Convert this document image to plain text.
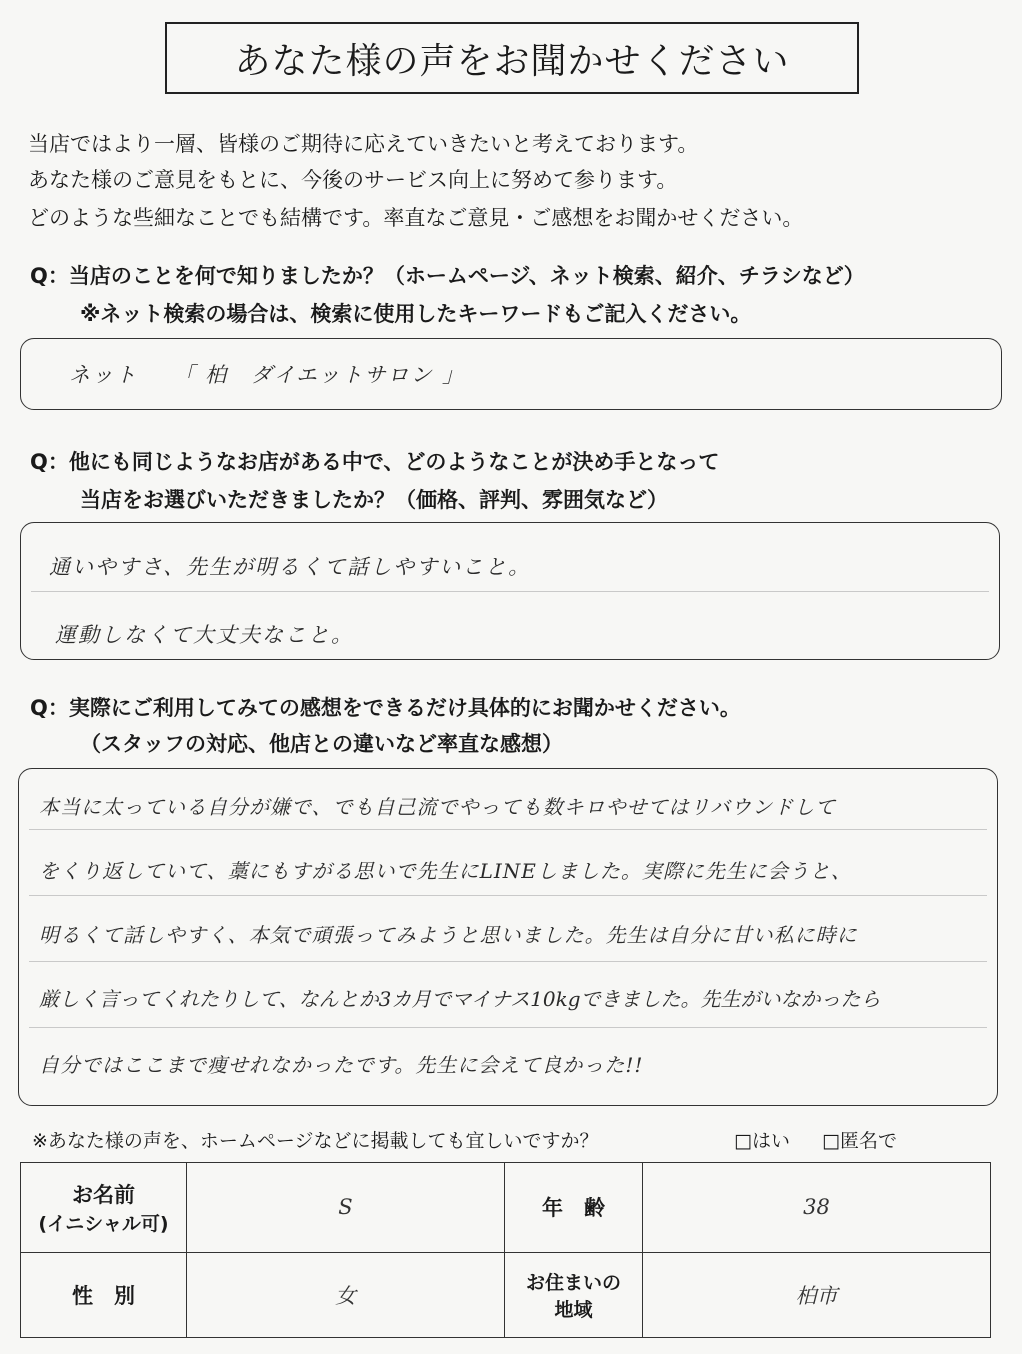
あなた様の声をお聞かせください
当店ではより一層、皆様のご期待に応えていきたいと考えております。
あなた様のご意見をもとに、今後のサービス向上に努めて参ります。
どのような些細なことでも結構です。率直なご意見・ご感想をお聞かせください。
Q：当店のことを何で知りましたか？（ホームページ、ネット検索、紹介、チラシなど）
※ネット検索の場合は、検索に使用したキーワードもご記入ください。
ネット　　「 柏　ダイエットサロン 」
Q：他にも同じようなお店がある中で、どのようなことが決め手となって
当店をお選びいただきましたか？（価格、評判、雰囲気など）
通いやすさ、先生が明るくて話しやすいこと。
運動しなくて大丈夫なこと。
Q：実際にご利用してみての感想をできるだけ具体的にお聞かせください。
（スタッフの対応、他店との違いなど率直な感想）
本当に太っている自分が嫌で、でも自己流でやっても数キロやせてはリバウンドして
をくり返していて、藁にもすがる思いで先生にLINEしました。実際に先生に会うと、
明るくて話しやすく、本気で頑張ってみようと思いました。先生は自分に甘い私に時に
厳しく言ってくれたりして、なんとか3カ月でマイナス10kgできました。先生がいなかったら
自分ではここまで痩せれなかったです。先生に会えて良かった!!
※あなた様の声を、ホームページなどに掲載しても宜しいですか？	□はい □匿名で
お名前
(イニシャル可)	S	年　齢	38
性　別	女	お住まいの
地域	柏市
